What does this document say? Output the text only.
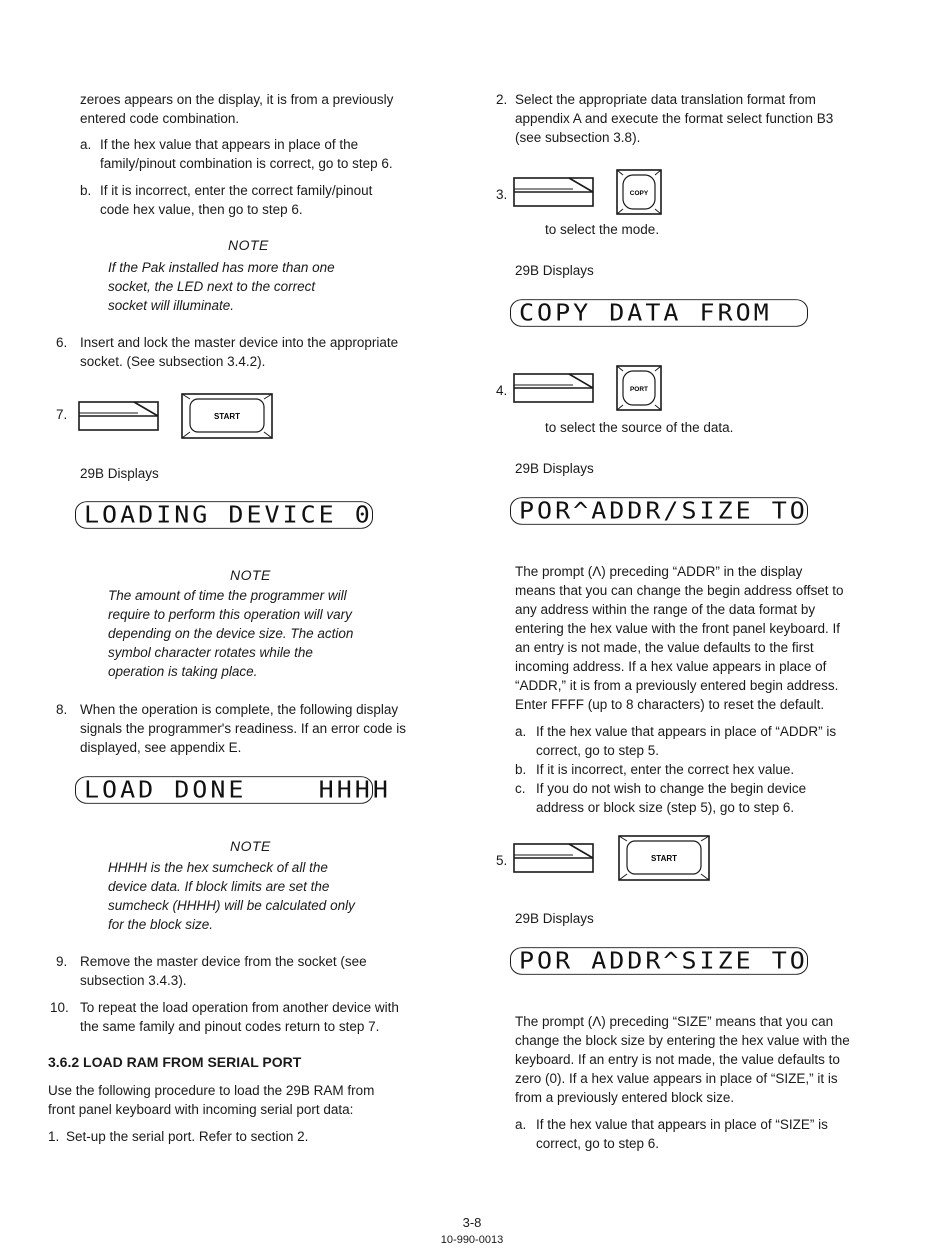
zeroes appears on the display, it is from a previously
entered code combination.
a. If the hex value that appears in place of the
family/pinout combination is correct, go to step 6.
b. If it is incorrect, enter the correct family/pinout
code hex value, then go to step 6.
NOTE
If the Pak installed has more than one
socket, the LED next to the correct
socket will illuminate.
6. Insert and lock the master device into the appropriate
socket. (See subsection 3.4.2).
7.	START
29B Displays
LOADING DEVICE 0
NOTE
The amount of time the programmer will
require to perform this operation will vary
depending on the device size. The action
symbol character rotates while the
operation is taking place.
8. When the operation is complete, the following display
signals the programmer's readiness. If an error code is
displayed, see appendix E.
LOAD DONE    HHHH
NOTE
HHHH is the hex sumcheck of all the
device data. If block limits are set the
sumcheck (HHHH) will be calculated only
for the block size.
9. Remove the master device from the socket (see
subsection 3.4.3).
10. To repeat the load operation from another device with
the same family and pinout codes return to step 7.
3.6.2 LOAD RAM FROM SERIAL PORT
Use the following procedure to load the 29B RAM from
front panel keyboard with incoming serial port data:
1. Set-up the serial port. Refer to section 2.
2. Select the appropriate data translation format from
appendix A and execute the format select function B3
(see subsection 3.8).
3.	COPY
to select the mode.
29B Displays
COPY DATA FROM
4.	PORT
to select the source of the data.
29B Displays
POR^ADDR/SIZE TO
The prompt (Λ) preceding “ADDR” in the display
means that you can change the begin address offset to
any address within the range of the data format by
entering the hex value with the front panel keyboard. If
an entry is not made, the value defaults to the first
incoming address. If a hex value appears in place of
“ADDR,” it is from a previously entered begin address.
Enter FFFF (up to 8 characters) to reset the default.
a. If the hex value that appears in place of “ADDR” is
correct, go to step 5.
b. If it is incorrect, enter the correct hex value.
c. If you do not wish to change the begin device
address or block size (step 5), go to step 6.
5.	START
29B Displays
POR ADDR^SIZE TO
The prompt (Λ) preceding “SIZE” means that you can
change the block size by entering the hex value with the
keyboard. If an entry is not made, the value defaults to
zero (0). If a hex value appears in place of “SIZE,” it is
from a previously entered block size.
a. If the hex value that appears in place of “SIZE” is
correct, go to step 6.
3-8
10-990-0013
